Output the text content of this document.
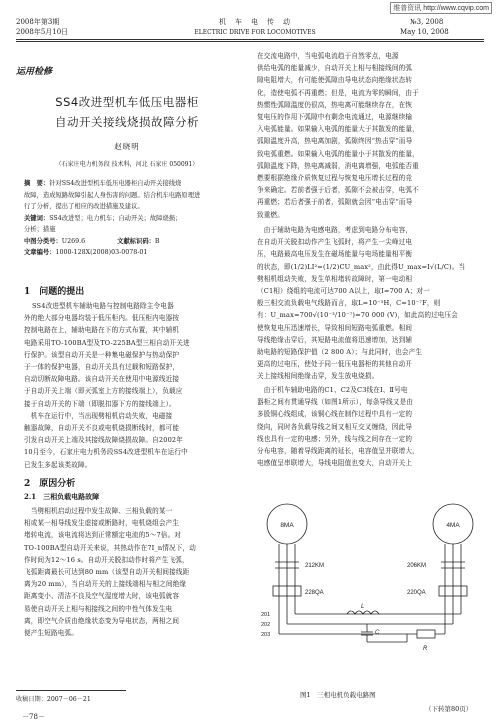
维普资讯 http://www.cqvip.com
2008年第3期
2008年5月10日
机　车　电　传　动
ELECTRIC DRIVE FOR LOCOMOTIVES
№3, 2008
May 10, 2008
运用检修
SS4改进型机车低压电器柜
自动开关接线烧损故障分析
赵晓明
（石家庄电力机务段 技术科，河北 石家庄 050091）
摘　要：针对SS4改进型机车低压电器柜自动开关接线烧
故障，造成短路故障引起人身伤害的问题。结合机车电路原理进
行了分析，提出了相应的改进措施及建议。
关键词：SS4改进型；电力机车；自动开关；故障烧损；
分析；措施
中图分类号：U269.6	文献标识码：B
文章编号：1000-128X(2008)03-0078-01
1　问题的提出
SS4改进型机车辅助电路与控制电路除主令电器
外的绝大部分电器均装于低压柜内。低压柜内电器按
控制电路在上，辅助电路在下的方式布置，其中辅机
电路采用TO-100BA型及TO-225BA型三相自动开关进
行保护。该型自动开关是一种集电磁保护与热动保护
于一体的保护电器，自动开关具有过载和短路保护，
自动切断故障电路。该自动开关在使用中电源线近接
于自动开关上端（即灭弧室上方的接线端上），负载应
接于自动开关的下端（即脱扣器下方的接线端上）。
　机车在运行中，当出现劈相机启动失败，电磁接
触器故障，自动开关不良或电机烧损断线时，都可能
引发自动开关上端及其接线故障烧损故障。自2002年
10月至今，石家庄电力机务段SS4改进型机车在运行中
已发生多起该类故障。
2　原因分析
2.1　三相负载电路故障
　当劈相机启动过程中发生故障、三相负载的某一
相或某一相导线发生虚接或断路时，电机烧组会产生
堵转电流，该电流将达到正常额定电流的5～7倍。对
TO-100BA型自动开关来说，其热动作在7I_n情况下，动
作时间为12～16 s。自动开关脱扣动作时将产生飞弧，
飞弧距离最长可达到80 mm（该型自动开关相间接线距
离为20 mm），当自动开关的上接线端相与相之间绝缘
距离变小、清洁不良及空气湿度增大时，该电弧就容
易使自动开关上相与相接线之间的中性气体发生电
离，即空气介质由绝缘状态变为导电状态，两相之间
便产生短路电弧。
收稿日期：2007－06－21
－78－
在交流电路中，当电弧电流趋于自然零点，电源
供给电弧的能量减少，自动开关上相与相接线间的弧
隙电阻增大，有可能使弧隙由导电状态向绝缘状态转
化，造使电弧不再重燃；但是，电流为零的瞬间，由于
热惯性弧隙温度仍很高，热电离可能继续存在，在恢
复电压的作用下弧隙中有剩余电流通过，电源继续输
入电弧能量。如果输入电弧的能量大于其散发的能量，
弧隙温度升高，热电离加剧，弧隙终因“热击穿”而导
致电弧重燃。如果输入电弧的能量小于其散发的能量，
弧隙温度下降，热电离减弱，消电离增强，电弧能否重
燃要根据绝缘介质恢复过程与恢复电压增长过程的竞
争来确定。若前者强于后者，弧隙不会被击穿，电弧不
再重燃；若后者强于前者，弧隙就会因“电击穿”而导
致重燃。
　由于辅助电路为电感电路，考虑到电路分布电容，
在自动开关脱扣动作产生飞弧时，将产生一尖峰过电
压，电路最高电压发生在磁场能量与电场能量相平衡
的状态，即(1/2)LI²=(1/2)CU_max²，由此得U_max=I√(L/C)。当
劈相机组动失败，发生单相堵转故障时，第一电动相
（C1相）绕组的电流可达700 A以上，取I=700 A；对一
般三相交流负载电气线路而言，取L=10⁻³H，C=10⁻⁷F，则
有：U_max=700√(10⁻³/10⁻⁷)=70 000 (V)，如此高的过电压会
使恢复电压迅速增长，导致相间短路电弧重燃。相间
导线绝缘击穿后，其短路电流值将迅速增加，达到辅
助电路的短路保护值（2 800 A）；与此同时，也会产生
更高的过电压，使处于同一低压电器柜的其他自动开
关上接线相间绝缘击穿，发生放电烧损。
　由于机车辅助电路的C1、C2及C3线在Ⅰ、Ⅱ号电
器柜之间有贯通导线（如图1所示），每条导线又是由
多股铜心线组成，该铜心线在制作过程中具有一定的
绕向，同时各负载导线之间又相互交叉缠绕，因此导
线也具有一定的电感；另外，线与线之间存在一定的
分布电容，随着导线距离的延长，电容值呈并联增大，
电感值呈串联增大，导线电阻值也变大，自动开关上
8MA	4MA
212KM	206KM
228QA	220QA
201
202
203
L
C
R
图1　三相电机负载电路图
（下转第80页）
